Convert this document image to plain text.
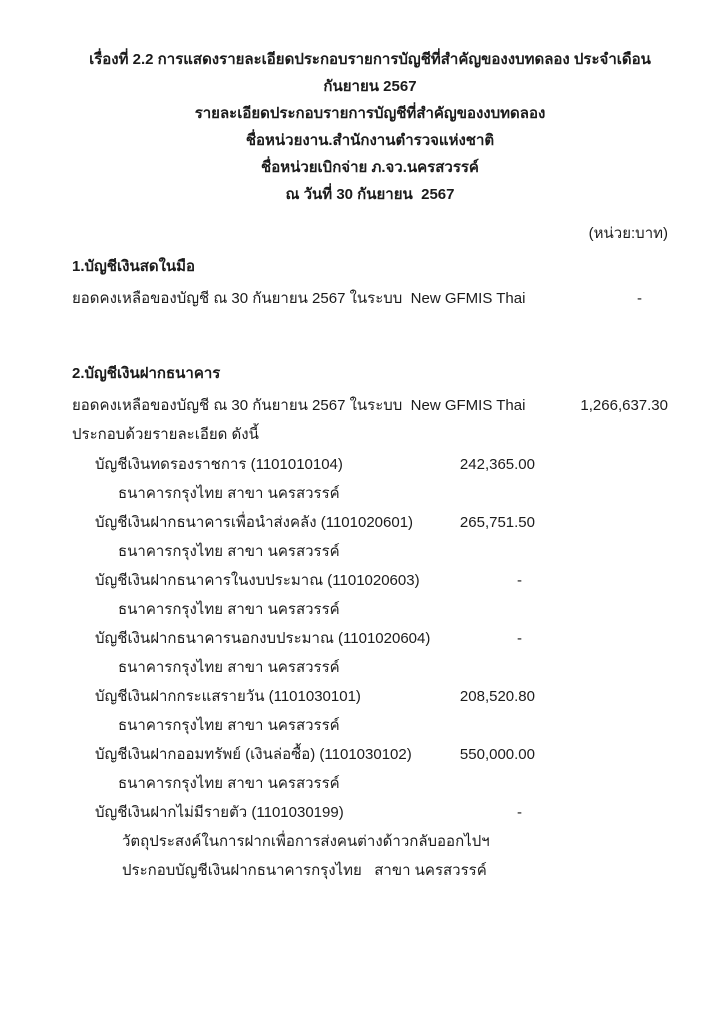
เรื่องที่ 2.2 การแสดงรายละเอียดประกอบรายการบัญชีที่สำคัญของงบทดลอง ประจำเดือนกันยายน 2567
รายละเอียดประกอบรายการบัญชีที่สำคัญของงบทดลอง
ชื่อหน่วยงาน.สำนักงานตำรวจแห่งชาติ
ชื่อหน่วยเบิกจ่าย ภ.จว.นครสวรรค์
ณ วันที่ 30 กันยายน  2567
(หน่วย:บาท)
1.บัญชีเงินสดในมือ
ยอดคงเหลือของบัญชี ณ 30 กันยายน 2567 ในระบบ  New GFMIS Thai	-
2.บัญชีเงินฝากธนาคาร
ยอดคงเหลือของบัญชี ณ 30 กันยายน 2567 ในระบบ  New GFMIS Thai	1,266,637.30
ประกอบด้วยรายละเอียด ดังนี้
บัญชีเงินทดรองราชการ (1101010104)	242,365.00
ธนาคารกรุงไทย สาขา นครสวรรค์
บัญชีเงินฝากธนาคารเพื่อนำส่งคลัง (1101020601)	265,751.50
ธนาคารกรุงไทย สาขา นครสวรรค์
บัญชีเงินฝากธนาคารในงบประมาณ (1101020603)	-
ธนาคารกรุงไทย สาขา นครสวรรค์
บัญชีเงินฝากธนาคารนอกงบประมาณ (1101020604)	-
ธนาคารกรุงไทย สาขา นครสวรรค์
บัญชีเงินฝากกระแสรายวัน (1101030101)	208,520.80
ธนาคารกรุงไทย สาขา นครสวรรค์
บัญชีเงินฝากออมทรัพย์ (เงินล่อซื้อ) (1101030102)	550,000.00
ธนาคารกรุงไทย สาขา นครสวรรค์
บัญชีเงินฝากไม่มีรายตัว (1101030199)	-
วัตถุประสงค์ในการฝากเพื่อการส่งคนต่างด้าวกลับออกไปฯ
ประกอบบัญชีเงินฝากธนาคารกรุงไทย   สาขา นครสวรรค์
